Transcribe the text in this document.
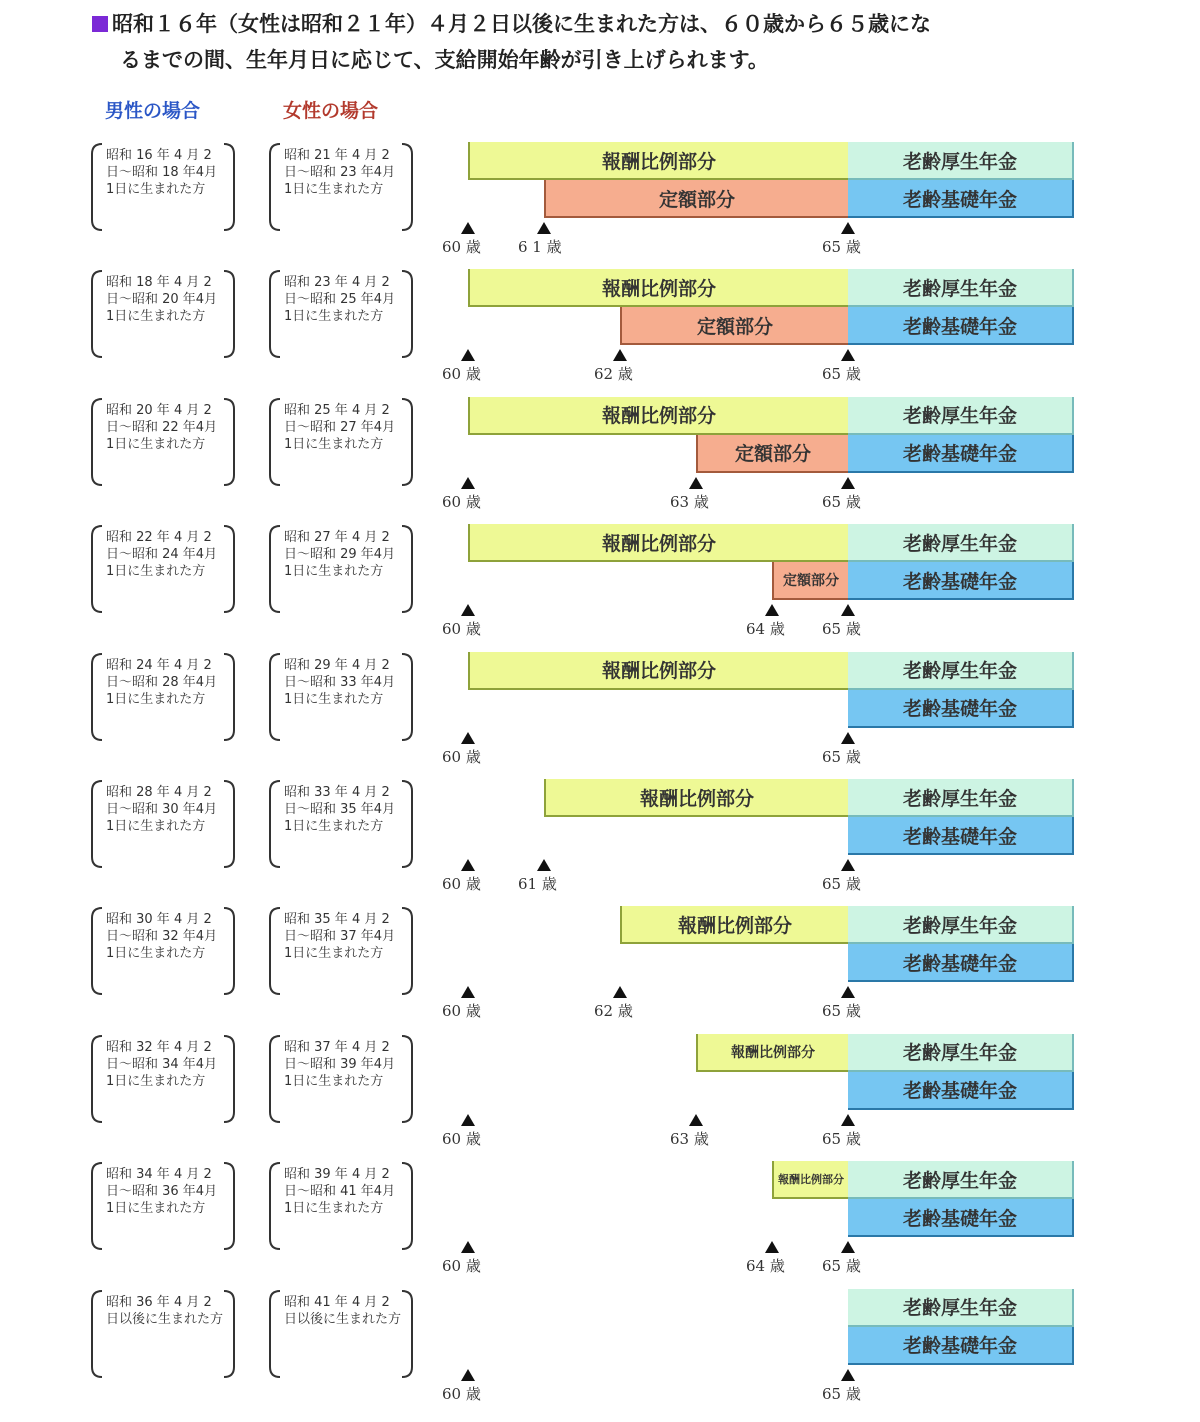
昭和１６年（女性は昭和２１年）４月２日以後に生まれた方は、６０歳から６５歳にな
るまでの間、生年月日に応じて、支給開始年齢が引き上げられます。
男性の場合	女性の場合
昭和 16 年 4 月 2 日～昭和 18 年4月1日に生まれた方
昭和 21 年 4 月 2 日～昭和 23 年4月1日に生まれた方
報酬比例部分
定額部分
老齢厚生年金
老齢基礎年金
60 歳 6 1 歳	65 歳
昭和 18 年 4 月 2 日～昭和 20 年4月1日に生まれた方
昭和 23 年 4 月 2 日～昭和 25 年4月1日に生まれた方
報酬比例部分
定額部分
老齢厚生年金
老齢基礎年金
60 歳	62 歳	65 歳
昭和 20 年 4 月 2 日～昭和 22 年4月1日に生まれた方
昭和 25 年 4 月 2 日～昭和 27 年4月1日に生まれた方
報酬比例部分
定額部分
老齢厚生年金
老齢基礎年金
60 歳	63 歳	65 歳
昭和 22 年 4 月 2 日～昭和 24 年4月1日に生まれた方
昭和 27 年 4 月 2 日～昭和 29 年4月1日に生まれた方
報酬比例部分
定額部分
老齢厚生年金
老齢基礎年金
60 歳	64 歳 65 歳
昭和 24 年 4 月 2 日～昭和 28 年4月1日に生まれた方
昭和 29 年 4 月 2 日～昭和 33 年4月1日に生まれた方
報酬比例部分	老齢厚生年金
老齢基礎年金
60 歳	65 歳
昭和 28 年 4 月 2 日～昭和 30 年4月1日に生まれた方
昭和 33 年 4 月 2 日～昭和 35 年4月1日に生まれた方
報酬比例部分	老齢厚生年金
老齢基礎年金
60 歳 61 歳	65 歳
昭和 30 年 4 月 2 日～昭和 32 年4月1日に生まれた方
昭和 35 年 4 月 2 日～昭和 37 年4月1日に生まれた方
報酬比例部分	老齢厚生年金
老齢基礎年金
60 歳	62 歳	65 歳
昭和 32 年 4 月 2 日～昭和 34 年4月1日に生まれた方
昭和 37 年 4 月 2 日～昭和 39 年4月1日に生まれた方
報酬比例部分	老齢厚生年金
老齢基礎年金
60 歳	63 歳	65 歳
昭和 34 年 4 月 2 日～昭和 36 年4月1日に生まれた方
昭和 39 年 4 月 2 日～昭和 41 年4月1日に生まれた方
報酬比例部分	老齢厚生年金
老齢基礎年金
60 歳	64 歳 65 歳
昭和 36 年 4 月 2 日以後に生まれた方
昭和 41 年 4 月 2 日以後に生まれた方	老齢厚生年金
老齢基礎年金
60 歳	65 歳
